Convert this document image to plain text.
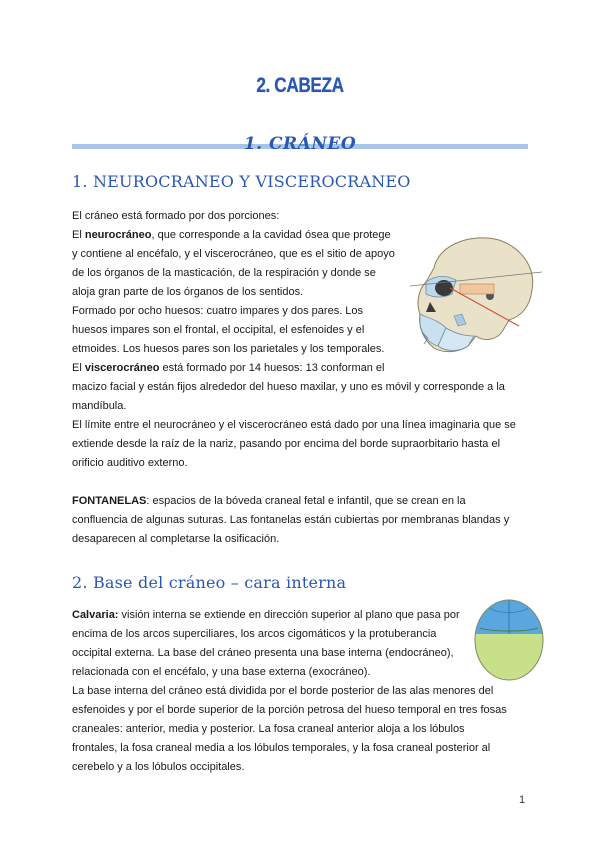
2. CABEZA
1. CRÁNEO
1. NEUROCRANEO Y VISCEROCRANEO
El cráneo está formado por dos porciones:
El neurocráneo, que corresponde a la cavidad ósea que protege
y contiene al encéfalo, y el viscerocráneo, que es el sitio de apoyo
de los órganos de la masticación, de la respiración y donde se
aloja gran parte de los órganos de los sentidos.
Formado por ocho huesos: cuatro impares y dos pares. Los
huesos impares son el frontal, el occipital, el esfenoides y el
etmoides. Los huesos pares son los parietales y los temporales.
El viscerocráneo está formado por 14 huesos: 13 conforman el
macizo facial y están fijos alrededor del hueso maxilar, y uno es móvil y corresponde a la
mandíbula.
El límite entre el neurocráneo y el viscerocráneo está dado por una línea imaginaria que se
extiende desde la raíz de la nariz, pasando por encima del borde supraorbitario hasta el
orificio auditivo externo.
FONTANELAS: espacios de la bóveda craneal fetal e infantil, que se crean en la
confluencia de algunas suturas. Las fontanelas están cubiertas por membranas blandas y
desaparecen al completarse la osificación.
2. Base del cráneo – cara interna
Calvaria: visión interna se extiende en dirección superior al plano que pasa por
encima de los arcos superciliares, los arcos cigomáticos y la protuberancia
occipital externa. La base del cráneo presenta una base interna (endocráneo),
relacionada con el encéfalo, y una base externa (exocráneo).
La base interna del cráneo está dividida por el borde posterior de las alas menores del
esfenoides y por el borde superior de la porción petrosa del hueso temporal en tres fosas
craneales: anterior, media y posterior. La fosa craneal anterior aloja a los lóbulos
frontales, la fosa craneal media a los lóbulos temporales, y la fosa craneal posterior al
cerebelo y a los lóbulos occipitales.
1
